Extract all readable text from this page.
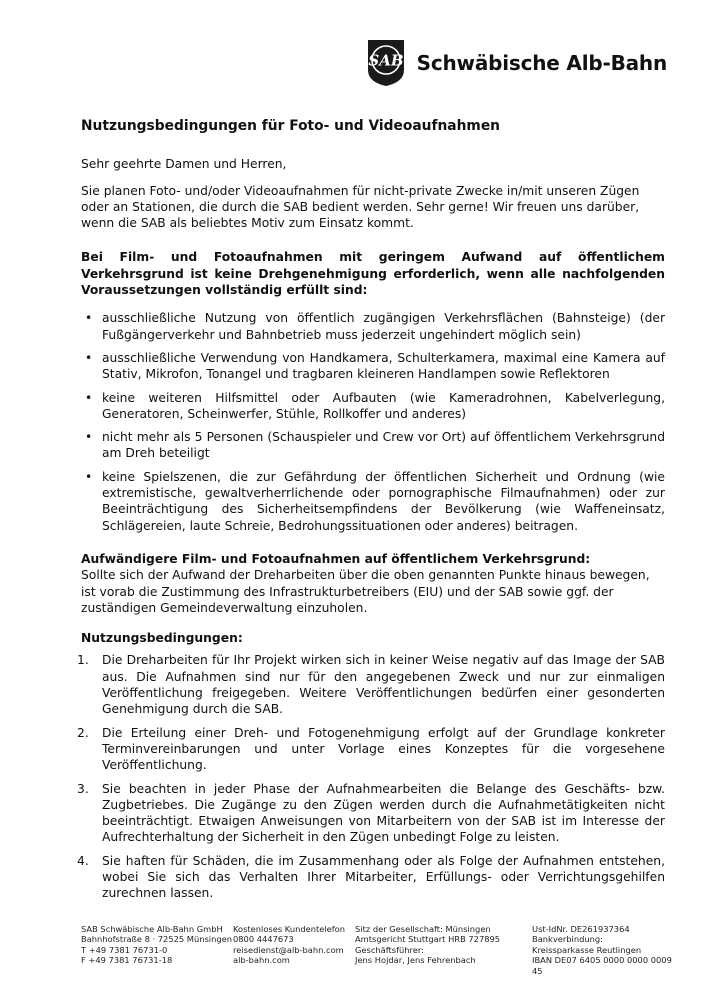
SAB Schwäbische Alb-Bahn
Nutzungsbedingungen für Foto- und Videoaufnahmen

Sehr geehrte Damen und Herren,

Sie planen Foto- und/oder Videoaufnahmen für nicht-private Zwecke in/mit unseren Zügen oder an Stationen, die durch die SAB bedient werden. Sehr gerne! Wir freuen uns darüber, wenn die SAB als beliebtes Motiv zum Einsatz kommt.

Bei Film- und Fotoaufnahmen mit geringem Aufwand auf öffentlichem Verkehrsgrund ist keine Drehgenehmigung erforderlich, wenn alle nachfolgenden Voraussetzungen vollständig erfüllt sind:

• ausschließliche Nutzung von öffentlich zugängigen Verkehrsflächen (Bahnsteige) (der Fußgängerverkehr und Bahnbetrieb muss jederzeit ungehindert möglich sein)
• ausschließliche Verwendung von Handkamera, Schulterkamera, maximal eine Kamera auf Stativ, Mikrofon, Tonangel und tragbaren kleineren Handlampen sowie Reflektoren
• keine weiteren Hilfsmittel oder Aufbauten (wie Kameradrohnen, Kabelverlegung, Generatoren, Scheinwerfer, Stühle, Rollkoffer und anderes)
• nicht mehr als 5 Personen (Schauspieler und Crew vor Ort) auf öffentlichem Verkehrsgrund am Dreh beteiligt
• keine Spielszenen, die zur Gefährdung der öffentlichen Sicherheit und Ordnung (wie extremistische, gewaltverherrlichende oder pornographische Filmaufnahmen) oder zur Beeinträchtigung des Sicherheitsempfindens der Bevölkerung (wie Waffeneinsatz, Schlägereien, laute Schreie, Bedrohungssituationen oder anderes) beitragen.

Aufwändigere Film- und Fotoaufnahmen auf öffentlichem Verkehrsgrund:

Sollte sich der Aufwand der Dreharbeiten über die oben genannten Punkte hinaus bewegen, ist vorab die Zustimmung des Infrastrukturbetreibers (EIU) und der SAB sowie ggf. der zuständigen Gemeindeverwaltung einzuholen.

Nutzungsbedingungen:

1. Die Dreharbeiten für Ihr Projekt wirken sich in keiner Weise negativ auf das Image der SAB aus. Die Aufnahmen sind nur für den angegebenen Zweck und nur zur einmaligen Veröffentlichung freigegeben. Weitere Veröffentlichungen bedürfen einer gesonderten Genehmigung durch die SAB.
2. Die Erteilung einer Dreh- und Fotogenehmigung erfolgt auf der Grundlage konkreter Terminvereinbarungen und unter Vorlage eines Konzeptes für die vorgesehene Veröffentlichung.
3. Sie beachten in jeder Phase der Aufnahmearbeiten die Belange des Geschäfts- bzw. Zugbetriebes. Die Zugänge zu den Zügen werden durch die Aufnahmetätigkeiten nicht beeinträchtigt. Etwaigen Anweisungen von Mitarbeitern von der SAB ist im Interesse der Aufrechterhaltung der Sicherheit in den Zügen unbedingt Folge zu leisten.
4. Sie haften für Schäden, die im Zusammenhang oder als Folge der Aufnahmen entstehen, wobei Sie sich das Verhalten Ihrer Mitarbeiter, Erfüllungs- oder Verrichtungsgehilfen zurechnen lassen.
SAB Schwäbische Alb-Bahn GmbH
Bahnhofstraße 8 · 72525 Münsingen
T +49 7381 76731-0
F +49 7381 76731-18
Kostenloses Kundentelefon
0800 4447673
reisedienst@alb-bahn.com
alb-bahn.com
Sitz der Gesellschaft: Münsingen
Amtsgericht Stuttgart HRB 727895
Geschäftsführer:
Jens Hojdar, Jens Fehrenbach
Ust-IdNr. DE261937364
Bankverbindung:
Kreissparkasse Reutlingen
IBAN DE07 6405 0000 0000 0009 45
